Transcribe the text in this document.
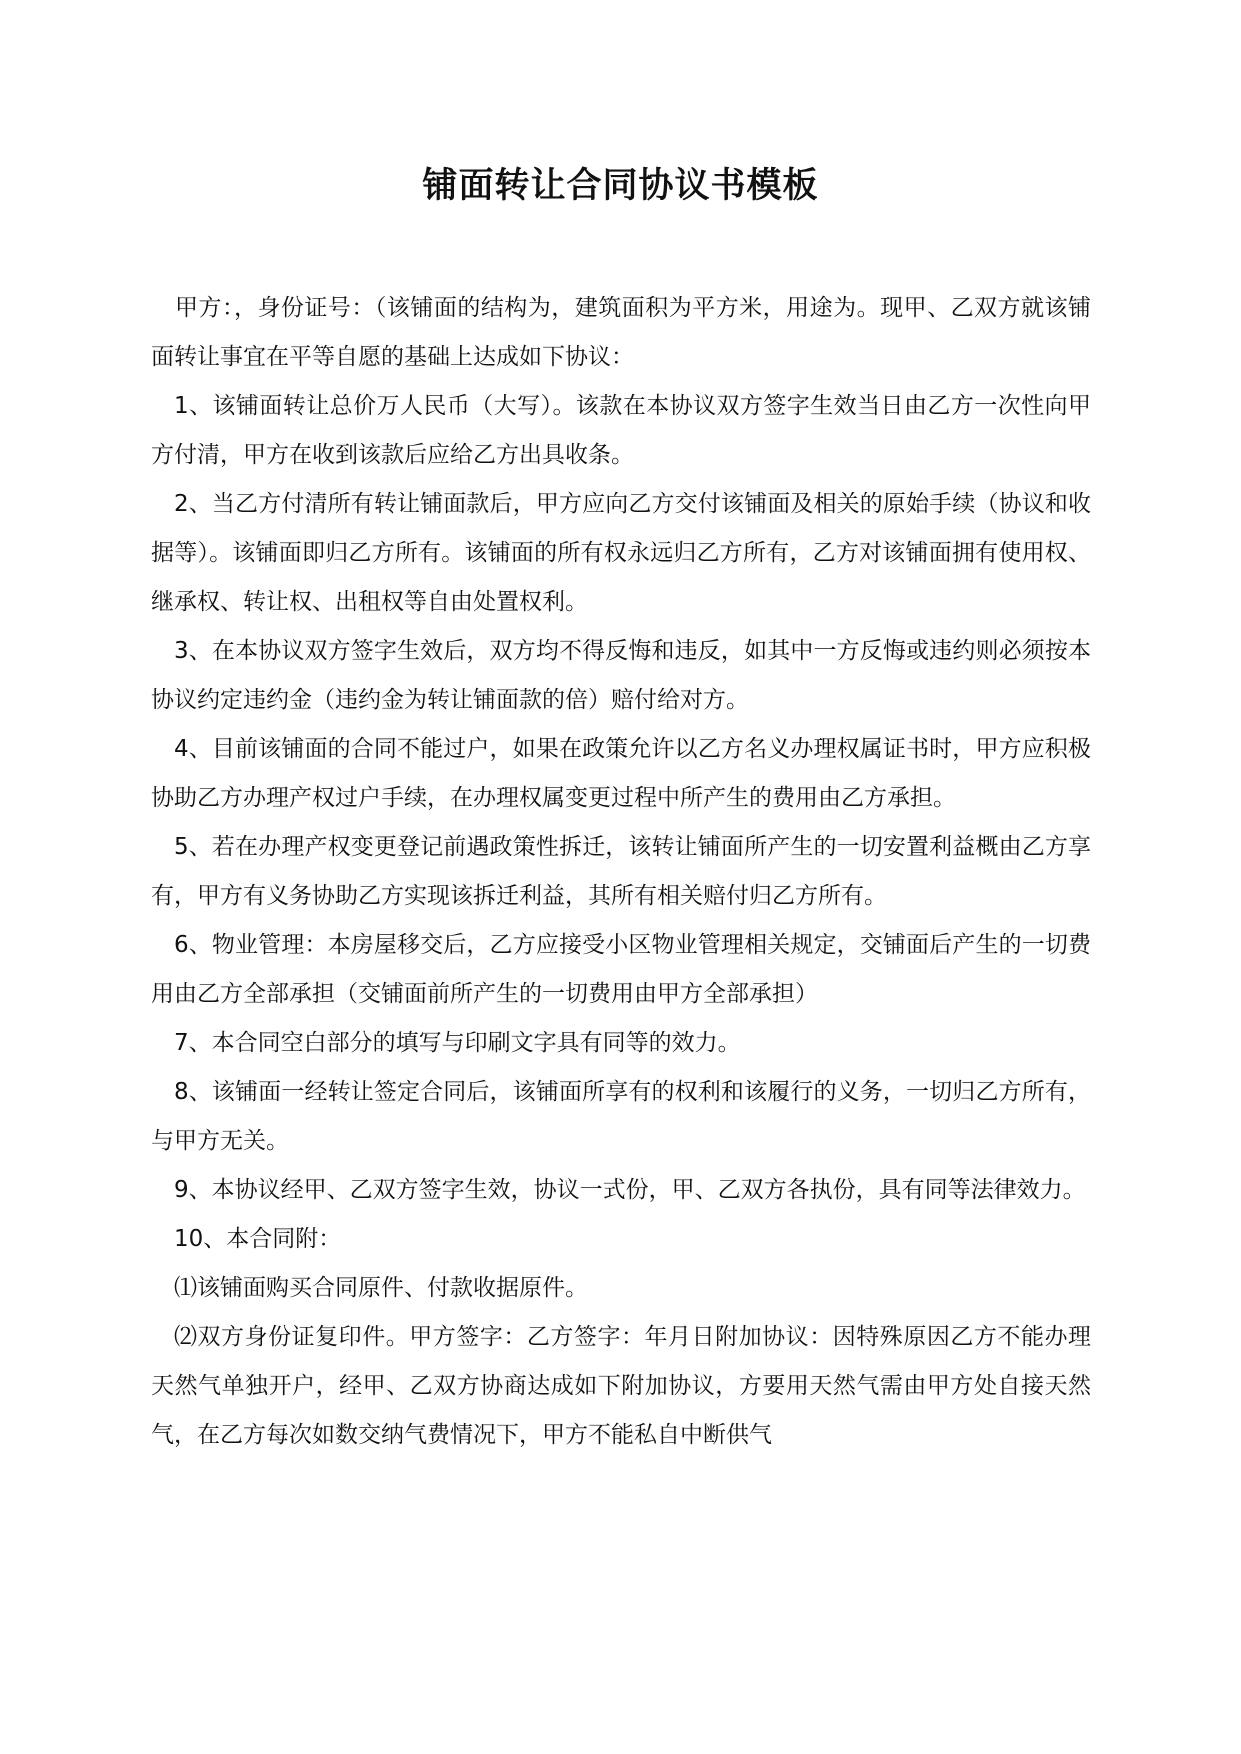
铺面转让合同协议书模板

甲方：，身份证号：（该铺面的结构为，建筑面积为平方米，用途为。现甲、乙双方就该铺面转让事宜在平等自愿的基础上达成如下协议：

1、该铺面转让总价万人民币（大写）。该款在本协议双方签字生效当日由乙方一次性向甲方付清，甲方在收到该款后应给乙方出具收条。

2、当乙方付清所有转让铺面款后，甲方应向乙方交付该铺面及相关的原始手续（协议和收据等）。该铺面即归乙方所有。该铺面的所有权永远归乙方所有，乙方对该铺面拥有使用权、继承权、转让权、出租权等自由处置权利。

3、在本协议双方签字生效后，双方均不得反悔和违反，如其中一方反悔或违约则必须按本协议约定违约金（违约金为转让铺面款的倍）赔付给对方。

4、目前该铺面的合同不能过户，如果在政策允许以乙方名义办理权属证书时，甲方应积极协助乙方办理产权过户手续，在办理权属变更过程中所产生的费用由乙方承担。

5、若在办理产权变更登记前遇政策性拆迁，该转让铺面所产生的一切安置利益概由乙方享有，甲方有义务协助乙方实现该拆迁利益，其所有相关赔付归乙方所有。

6、物业管理：本房屋移交后，乙方应接受小区物业管理相关规定，交铺面后产生的一切费用由乙方全部承担（交铺面前所产生的一切费用由甲方全部承担）

7、本合同空白部分的填写与印刷文字具有同等的效力。

8、该铺面一经转让签定合同后，该铺面所享有的权利和该履行的义务，一切归乙方所有，与甲方无关。

9、本协议经甲、乙双方签字生效，协议一式份，甲、乙双方各执份，具有同等法律效力。

10、本合同附：

⑴该铺面购买合同原件、付款收据原件。

⑵双方身份证复印件。甲方签字：乙方签字：年月日附加协议：因特殊原因乙方不能办理天然气单独开户，经甲、乙双方协商达成如下附加协议，方要用天然气需由甲方处自接天然气，在乙方每次如数交纳气费情况下，甲方不能私自中断供气
